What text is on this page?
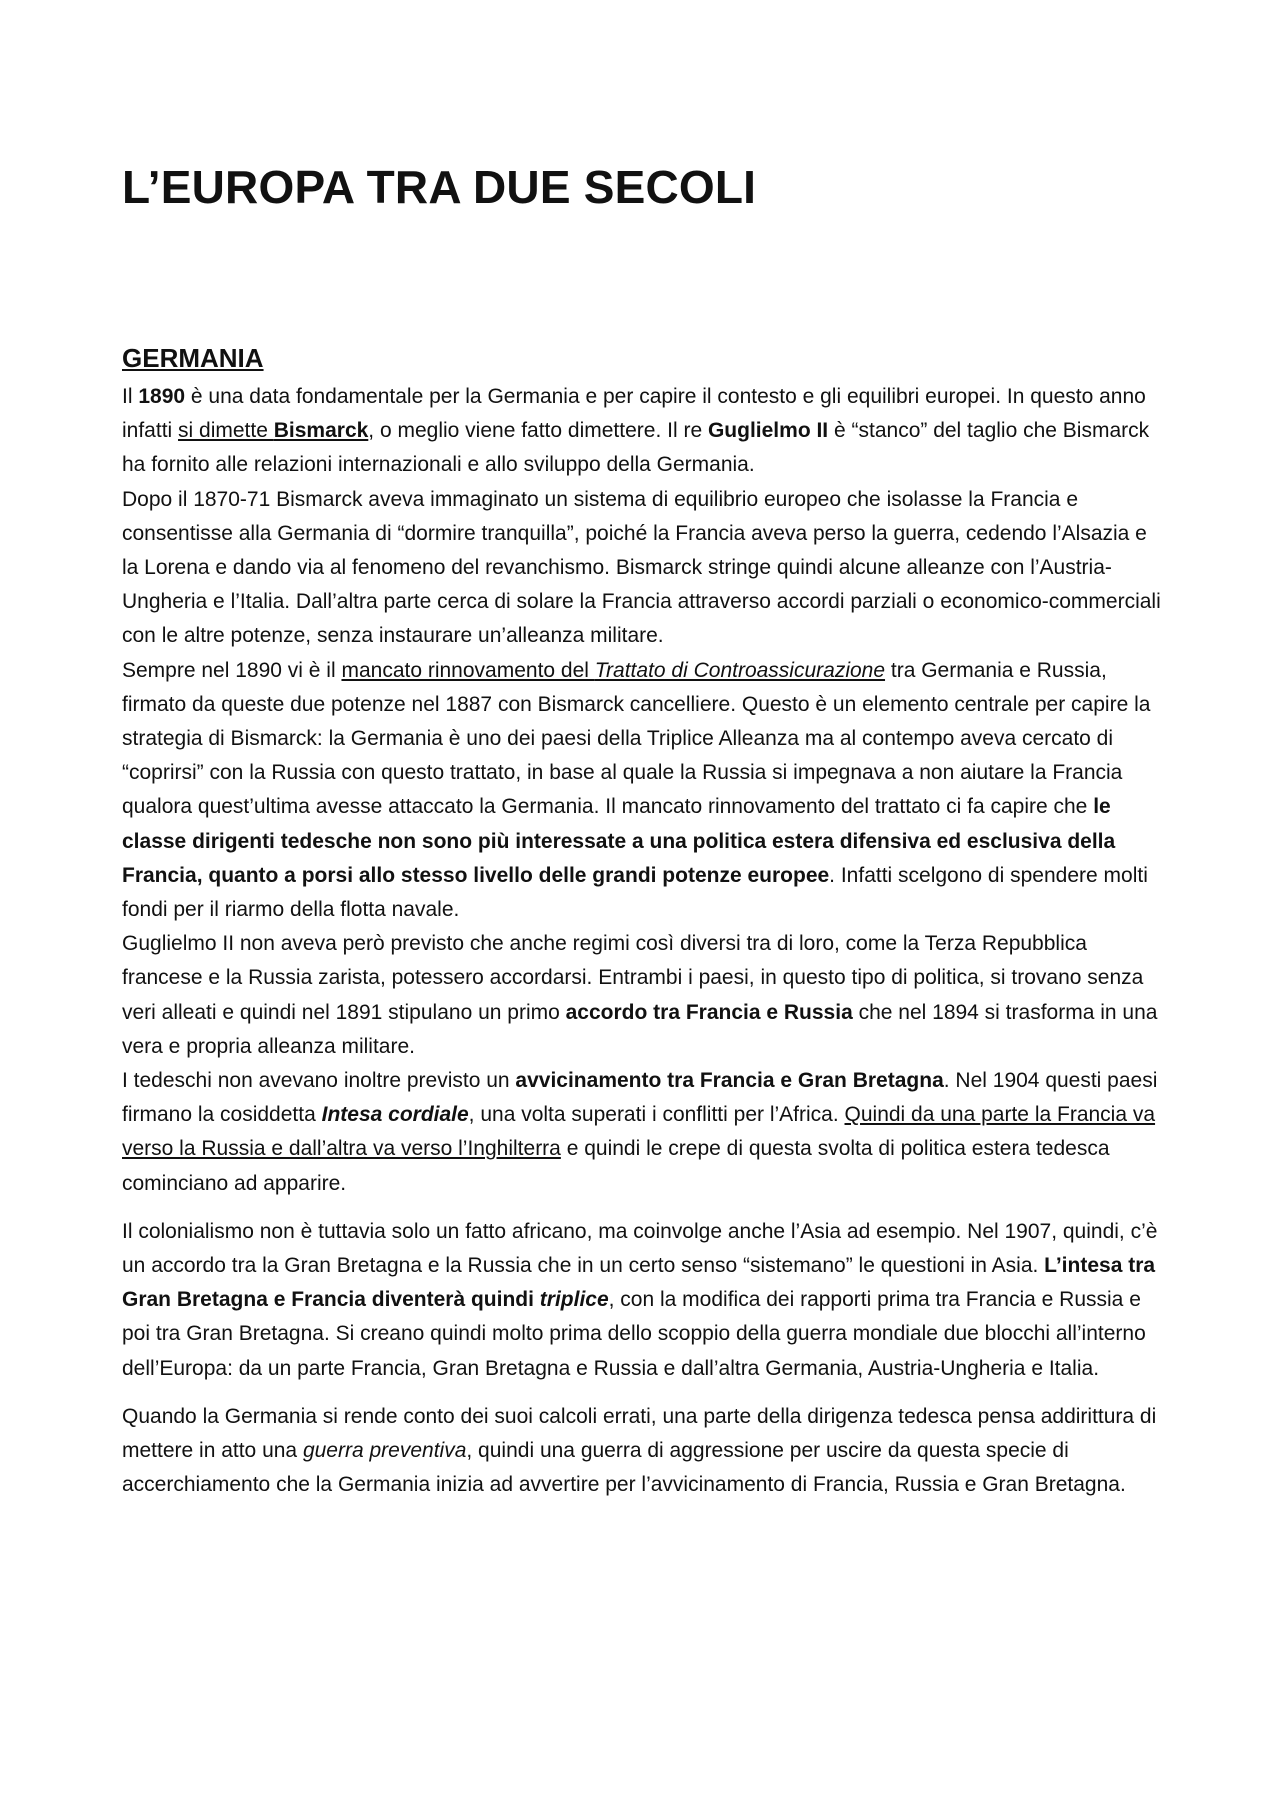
L’EUROPA TRA DUE SECOLI
GERMANIA

Il 1890 è una data fondamentale per la Germania e per capire il contesto e gli equilibri europei. In questo anno infatti si dimette Bismarck, o meglio viene fatto dimettere. Il re Guglielmo II è “stanco” del taglio che Bismarck ha fornito alle relazioni internazionali e allo sviluppo della Germania.

Dopo il 1870-71 Bismarck aveva immaginato un sistema di equilibrio europeo che isolasse la Francia e consentisse alla Germania di “dormire tranquilla”, poiché la Francia aveva perso la guerra, cedendo l’Alsazia e la Lorena e dando via al fenomeno del revanchismo. Bismarck stringe quindi alcune alleanze con l’Austria-Ungheria e l’Italia. Dall’altra parte cerca di solare la Francia attraverso accordi parziali o economico-commerciali con le altre potenze, senza instaurare un’alleanza militare.

Sempre nel 1890 vi è il mancato rinnovamento del Trattato di Controassicurazione tra Germania e Russia, firmato da queste due potenze nel 1887 con Bismarck cancelliere. Questo è un elemento centrale per capire la strategia di Bismarck: la Germania è uno dei paesi della Triplice Alleanza ma al contempo aveva cercato di “coprirsi” con la Russia con questo trattato, in base al quale la Russia si impegnava a non aiutare la Francia qualora quest’ultima avesse attaccato la Germania. Il mancato rinnovamento del trattato ci fa capire che le classe dirigenti tedesche non sono più interessate a una politica estera difensiva ed esclusiva della Francia, quanto a porsi allo stesso livello delle grandi potenze europee. Infatti scelgono di spendere molti fondi per il riarmo della flotta navale.

Guglielmo II non aveva però previsto che anche regimi così diversi tra di loro, come la Terza Repubblica francese e la Russia zarista, potessero accordarsi. Entrambi i paesi, in questo tipo di politica, si trovano senza veri alleati e quindi nel 1891 stipulano un primo accordo tra Francia e Russia che nel 1894 si trasforma in una vera e propria alleanza militare.

I tedeschi non avevano inoltre previsto un avvicinamento tra Francia e Gran Bretagna. Nel 1904 questi paesi firmano la cosiddetta Intesa cordiale, una volta superati i conflitti per l’Africa. Quindi da una parte la Francia va verso la Russia e dall’altra va verso l’Inghilterra e quindi le crepe di questa svolta di politica estera tedesca cominciano ad apparire.

Il colonialismo non è tuttavia solo un fatto africano, ma coinvolge anche l’Asia ad esempio. Nel 1907, quindi, c’è un accordo tra la Gran Bretagna e la Russia che in un certo senso “sistemano” le questioni in Asia. L’intesa tra Gran Bretagna e Francia diventerà quindi triplice, con la modifica dei rapporti prima tra Francia e Russia e poi tra Gran Bretagna. Si creano quindi molto prima dello scoppio della guerra mondiale due blocchi all’interno dell’Europa: da un parte Francia, Gran Bretagna e Russia e dall’altra Germania, Austria-Ungheria e Italia.

Quando la Germania si rende conto dei suoi calcoli errati, una parte della dirigenza tedesca pensa addirittura di mettere in atto una guerra preventiva, quindi una guerra di aggressione per uscire da questa specie di accerchiamento che la Germania inizia ad avvertire per l’avvicinamento di Francia, Russia e Gran Bretagna.
